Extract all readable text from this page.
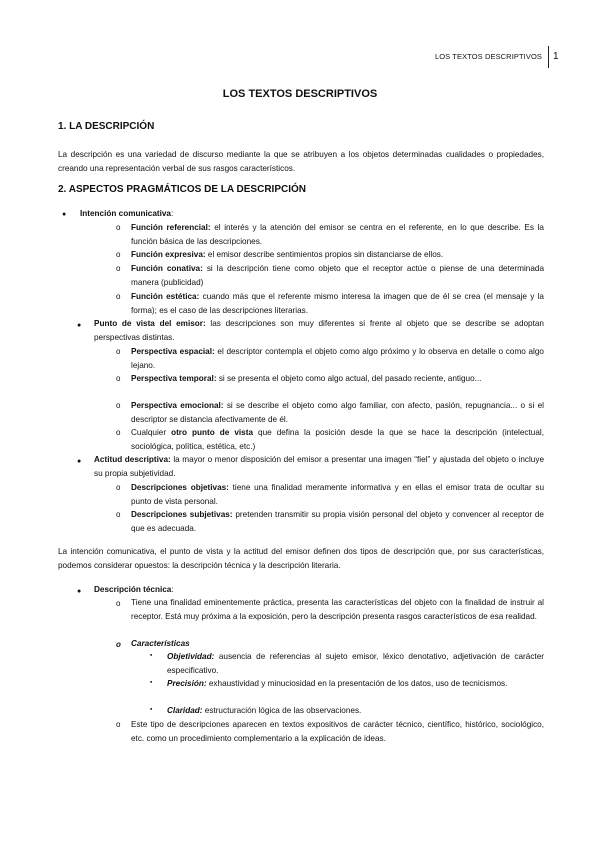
LOS TEXTOS DESCRIPTIVOS 1
LOS TEXTOS DESCRIPTIVOS
1. LA DESCRIPCIÓN
La descripción es una variedad de discurso mediante la que se atribuyen a los objetos determinadas cualidades o propiedades, creando una representación verbal de sus rasgos característicos.
2. ASPECTOS PRAGMÁTICOS DE LA DESCRIPCIÓN
● Intención comunicativa:
o Función referencial: el interés y la atención del emisor se centra en el referente, en lo que describe. Es la función básica de las descripciones.
o Función expresiva: el emisor describe sentimientos propios sin distanciarse de ellos.
o Función conativa: si la descripción tiene como objeto que el receptor actúe o piense de una determinada manera (publicidad)
o Función estética: cuando más que el referente mismo interesa la imagen que de él se crea (el mensaje y la forma); es el caso de las descripciones literarias.
● Punto de vista del emisor: las descripciones son muy diferentes si frente al objeto que se describe se adoptan perspectivas distintas.
o Perspectiva espacial: el descriptor contempla el objeto como algo próximo y lo observa en detalle o como algo lejano.
o Perspectiva temporal: si se presenta el objeto como algo actual, del pasado reciente, antiguo...
o Perspectiva emocional: si se describe el objeto como algo familiar, con afecto, pasión, repugnancia... o si el descriptor se distancia afectivamente de él.
o Cualquier otro punto de vista que defina la posición desde la que se hace la descripción (intelectual, sociológica, política, estética, etc.)
● Actitud descriptiva: la mayor o menor disposición del emisor a presentar una imagen “fiel” y ajustada del objeto o incluye su propia subjetividad.
o Descripciones objetivas: tiene una finalidad meramente informativa y en ellas el emisor trata de ocultar su punto de vista personal.
o Descripciones subjetivas: pretenden transmitir su propia visión personal del objeto y convencer al receptor de que es adecuada.
La intención comunicativa, el punto de vista y la actitud del emisor definen dos tipos de descripción que, por sus características, podemos considerar opuestos: la descripción técnica y la descripción literaria.
● Descripción técnica:
o Tiene una finalidad eminentemente práctica, presenta las características del objeto con la finalidad de instruir al receptor. Está muy próxima a la exposición, pero la descripción presenta rasgos característicos de esa realidad.
o Características
▪ Objetividad: ausencia de referencias al sujeto emisor, léxico denotativo, adjetivación de carácter especificativo.
▪ Precisión: exhaustividad y minuciosidad en la presentación de los datos, uso de tecnicismos.
▪ Claridad: estructuración lógica de las observaciones.
o Este tipo de descripciones aparecen en textos expositivos de carácter técnico, científico, histórico, sociológico, etc. como un procedimiento complementario a la explicación de ideas.
